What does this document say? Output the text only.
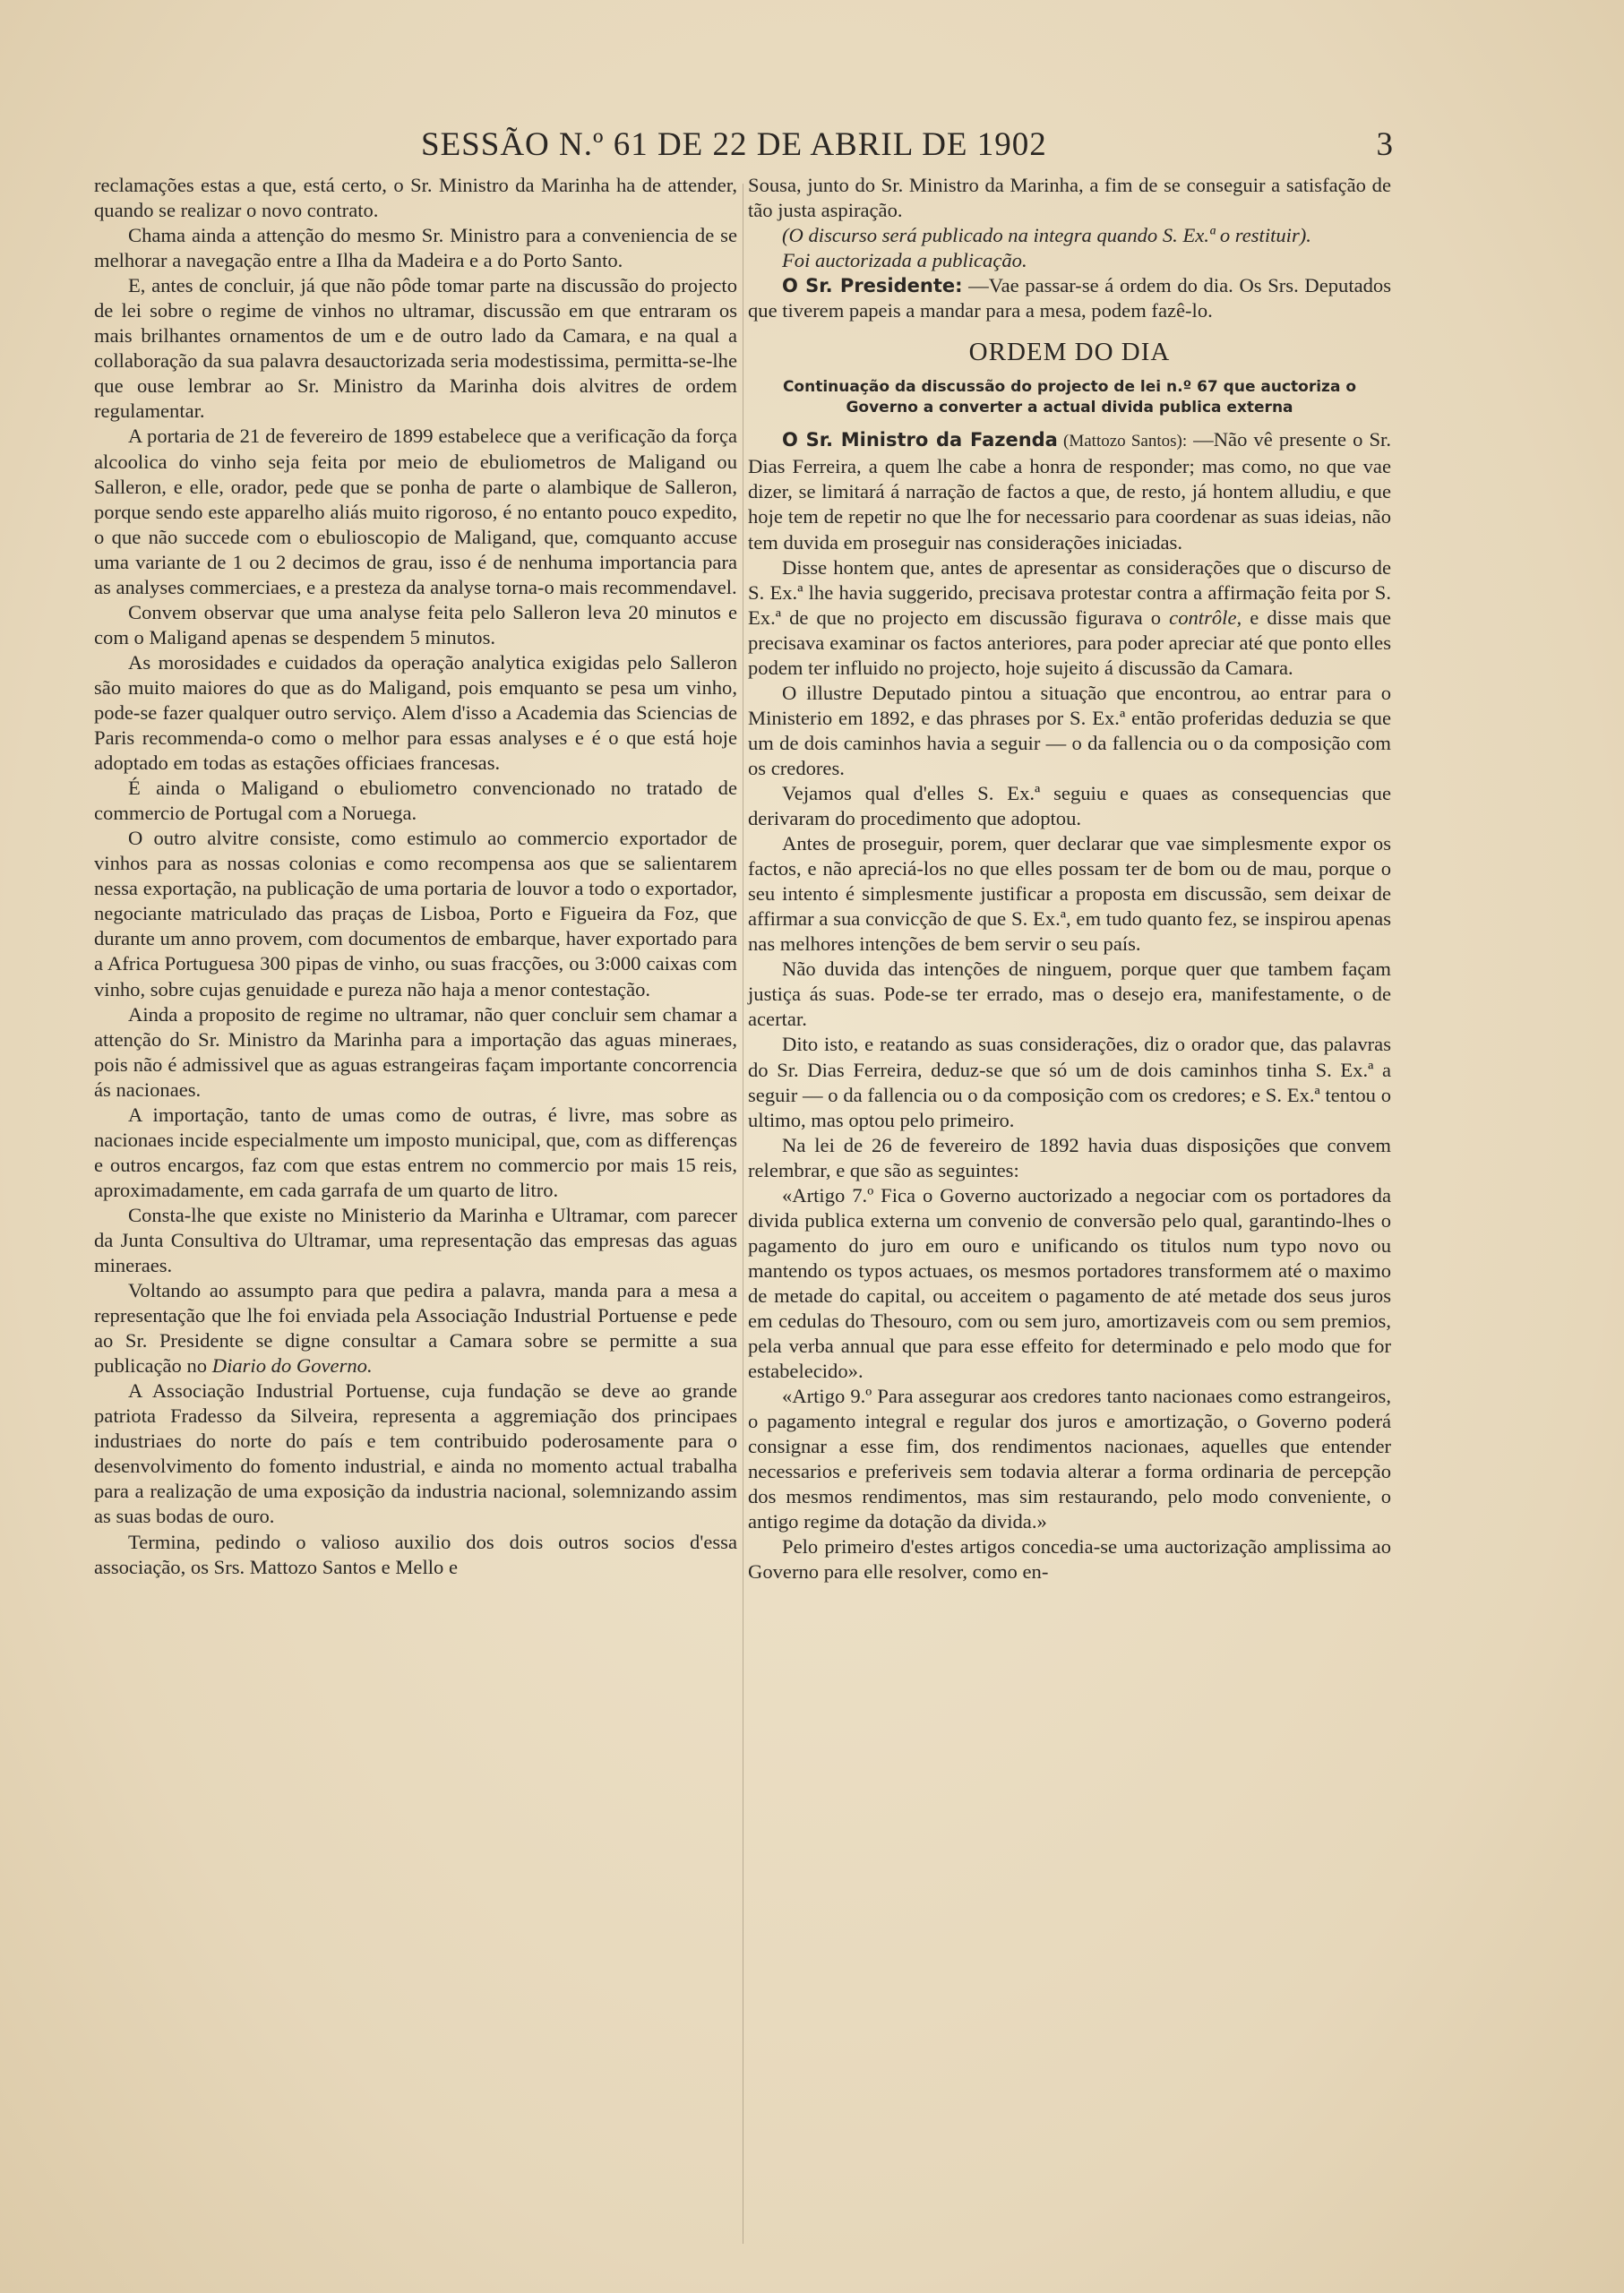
SESSÃO N.º 61 DE 22 DE ABRIL DE 1902	3

reclamações estas a que, está certo, o Sr. Ministro da Marinha ha de attender, quando se realizar o novo contrato.

Chama ainda a attenção do mesmo Sr. Ministro para a conveniencia de se melhorar a navegação entre a Ilha da Madeira e a do Porto Santo.

E, antes de concluir, já que não pôde tomar parte na discussão do projecto de lei sobre o regime de vinhos no ultramar, discussão em que entraram os mais brilhantes ornamentos de um e de outro lado da Camara, e na qual a collaboração da sua palavra desauctorizada seria modestissima, permitta-se-lhe que ouse lembrar ao Sr. Ministro da Marinha dois alvitres de ordem regulamentar.

A portaria de 21 de fevereiro de 1899 estabelece que a verificação da força alcoolica do vinho seja feita por meio de ebuliometros de Maligand ou Salleron, e elle, orador, pede que se ponha de parte o alambique de Salleron, porque sendo este apparelho aliás muito rigoroso, é no entanto pouco expedito, o que não succede com o ebulioscopio de Maligand, que, comquanto accuse uma variante de 1 ou 2 decimos de grau, isso é de nenhuma importancia para as analyses commerciaes, e a presteza da analyse torna-o mais recommendavel.

Convem observar que uma analyse feita pelo Salleron leva 20 minutos e com o Maligand apenas se despendem 5 minutos.

As morosidades e cuidados da operação analytica exigidas pelo Salleron são muito maiores do que as do Maligand, pois emquanto se pesa um vinho, pode-se fazer qualquer outro serviço. Alem d'isso a Academia das Sciencias de Paris recommenda-o como o melhor para essas analyses e é o que está hoje adoptado em todas as estações officiaes francesas.

É ainda o Maligand o ebuliometro convencionado no tratado de commercio de Portugal com a Noruega.

O outro alvitre consiste, como estimulo ao commercio exportador de vinhos para as nossas colonias e como recompensa aos que se salientarem nessa exportação, na publicação de uma portaria de louvor a todo o exportador, negociante matriculado das praças de Lisboa, Porto e Figueira da Foz, que durante um anno provem, com documentos de embarque, haver exportado para a Africa Portuguesa 300 pipas de vinho, ou suas fracções, ou 3:000 caixas com vinho, sobre cujas genuidade e pureza não haja a menor contestação.

Ainda a proposito de regime no ultramar, não quer concluir sem chamar a attenção do Sr. Ministro da Marinha para a importação das aguas mineraes, pois não é admissivel que as aguas estrangeiras façam importante concorrencia ás nacionaes.

A importação, tanto de umas como de outras, é livre, mas sobre as nacionaes incide especialmente um imposto municipal, que, com as differenças e outros encargos, faz com que estas entrem no commercio por mais 15 reis, aproximadamente, em cada garrafa de um quarto de litro.

Consta-lhe que existe no Ministerio da Marinha e Ultramar, com parecer da Junta Consultiva do Ultramar, uma representação das empresas das aguas mineraes.

Voltando ao assumpto para que pedira a palavra, manda para a mesa a representação que lhe foi enviada pela Associação Industrial Portuense e pede ao Sr. Presidente se digne consultar a Camara sobre se permitte a sua publicação no Diario do Governo.

A Associação Industrial Portuense, cuja fundação se deve ao grande patriota Fradesso da Silveira, representa a aggremiação dos principaes industriaes do norte do país e tem contribuido poderosamente para o desenvolvimento do fomento industrial, e ainda no momento actual trabalha para a realização de uma exposição da industria nacional, solemnizando assim as suas bodas de ouro.

Termina, pedindo o valioso auxilio dos dois outros socios d'essa associação, os Srs. Mattozo Santos e Mello e

Sousa, junto do Sr. Ministro da Marinha, a fim de se conseguir a satisfação de tão justa aspiração.

(O discurso será publicado na integra quando S. Ex.ª o restituir).

Foi auctorizada a publicação.

O Sr. Presidente: —Vae passar-se á ordem do dia. Os Srs. Deputados que tiverem papeis a mandar para a mesa, podem fazê-lo.

ORDEM DO DIA
Continuação da discussão do projecto de lei n.º 67 que auctoriza o Governo a converter a actual divida publica externa

O Sr. Ministro da Fazenda (Mattozo Santos): —Não vê presente o Sr. Dias Ferreira, a quem lhe cabe a honra de responder; mas como, no que vae dizer, se limitará á narração de factos a que, de resto, já hontem alludiu, e que hoje tem de repetir no que lhe for necessario para coordenar as suas ideias, não tem duvida em proseguir nas considerações iniciadas.

Disse hontem que, antes de apresentar as considerações que o discurso de S. Ex.ª lhe havia suggerido, precisava protestar contra a affirmação feita por S. Ex.ª de que no projecto em discussão figurava o contrôle, e disse mais que precisava examinar os factos anteriores, para poder apreciar até que ponto elles podem ter influido no projecto, hoje sujeito á discussão da Camara.

O illustre Deputado pintou a situação que encontrou, ao entrar para o Ministerio em 1892, e das phrases por S. Ex.ª então proferidas deduzia se que um de dois caminhos havia a seguir — o da fallencia ou o da composição com os credores.

Vejamos qual d'elles S. Ex.ª seguiu e quaes as consequencias que derivaram do procedimento que adoptou.

Antes de proseguir, porem, quer declarar que vae simplesmente expor os factos, e não apreciá-los no que elles possam ter de bom ou de mau, porque o seu intento é simplesmente justificar a proposta em discussão, sem deixar de affirmar a sua convicção de que S. Ex.ª, em tudo quanto fez, se inspirou apenas nas melhores intenções de bem servir o seu país.

Não duvida das intenções de ninguem, porque quer que tambem façam justiça ás suas. Pode-se ter errado, mas o desejo era, manifestamente, o de acertar.

Dito isto, e reatando as suas considerações, diz o orador que, das palavras do Sr. Dias Ferreira, deduz-se que só um de dois caminhos tinha S. Ex.ª a seguir — o da fallencia ou o da composição com os credores; e S. Ex.ª tentou o ultimo, mas optou pelo primeiro.

Na lei de 26 de fevereiro de 1892 havia duas disposições que convem relembrar, e que são as seguintes:

«Artigo 7.º Fica o Governo auctorizado a negociar com os portadores da divida publica externa um convenio de conversão pelo qual, garantindo-lhes o pagamento do juro em ouro e unificando os titulos num typo novo ou mantendo os typos actuaes, os mesmos portadores transformem até o maximo de metade do capital, ou acceitem o pagamento de até metade dos seus juros em cedulas do Thesouro, com ou sem juro, amortizaveis com ou sem premios, pela verba annual que para esse effeito for determinado e pelo modo que for estabelecido».

«Artigo 9.º Para assegurar aos credores tanto nacionaes como estrangeiros, o pagamento integral e regular dos juros e amortização, o Governo poderá consignar a esse fim, dos rendimentos nacionaes, aquelles que entender necessarios e preferiveis sem todavia alterar a forma ordinaria de percepção dos mesmos rendimentos, mas sim restaurando, pelo modo conveniente, o antigo regime da dotação da divida.»

Pelo primeiro d'estes artigos concedia-se uma auctorização amplissima ao Governo para elle resolver, como en-
